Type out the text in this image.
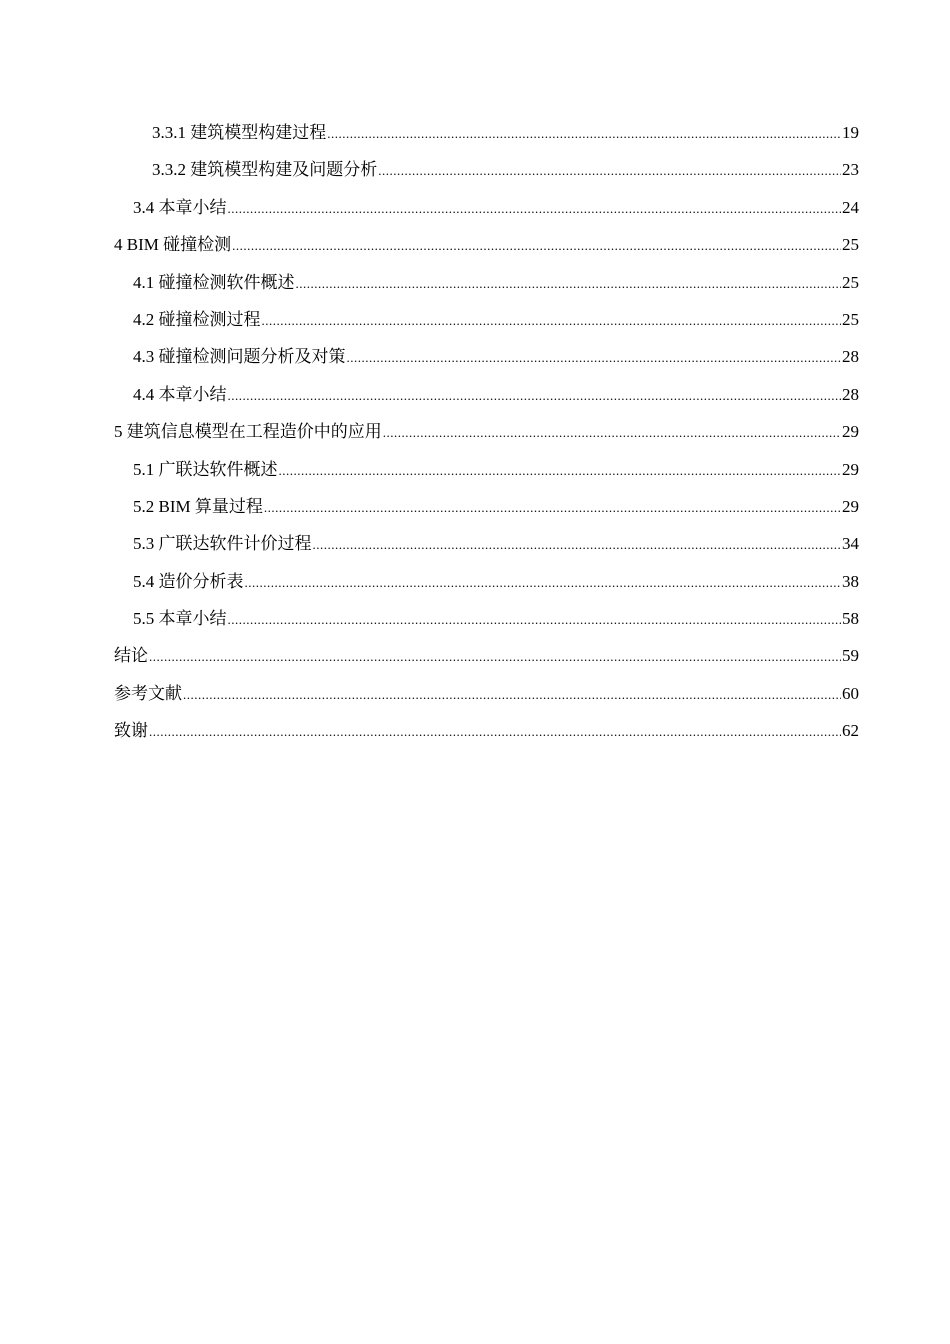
3.3.1 建筑模型构建过程 .....	19
3.3.2 建筑模型构建及问题分析 .....	23
3.4 本章小结 .....	24
4 BIM 碰撞检测 .....	25
4.1 碰撞检测软件概述 .....	25
4.2 碰撞检测过程 .....	25
4.3 碰撞检测问题分析及对策 .....	28
4.4 本章小结 .....	28
5 建筑信息模型在工程造价中的应用 .....	29
5.1 广联达软件概述 .....	29
5.2 BIM 算量过程 .....	29
5.3 广联达软件计价过程 .....	34
5.4 造价分析表 .....	38
5.5 本章小结 .....	58
结论 .....	59
参考文献 .....	60
致谢 .....	62
